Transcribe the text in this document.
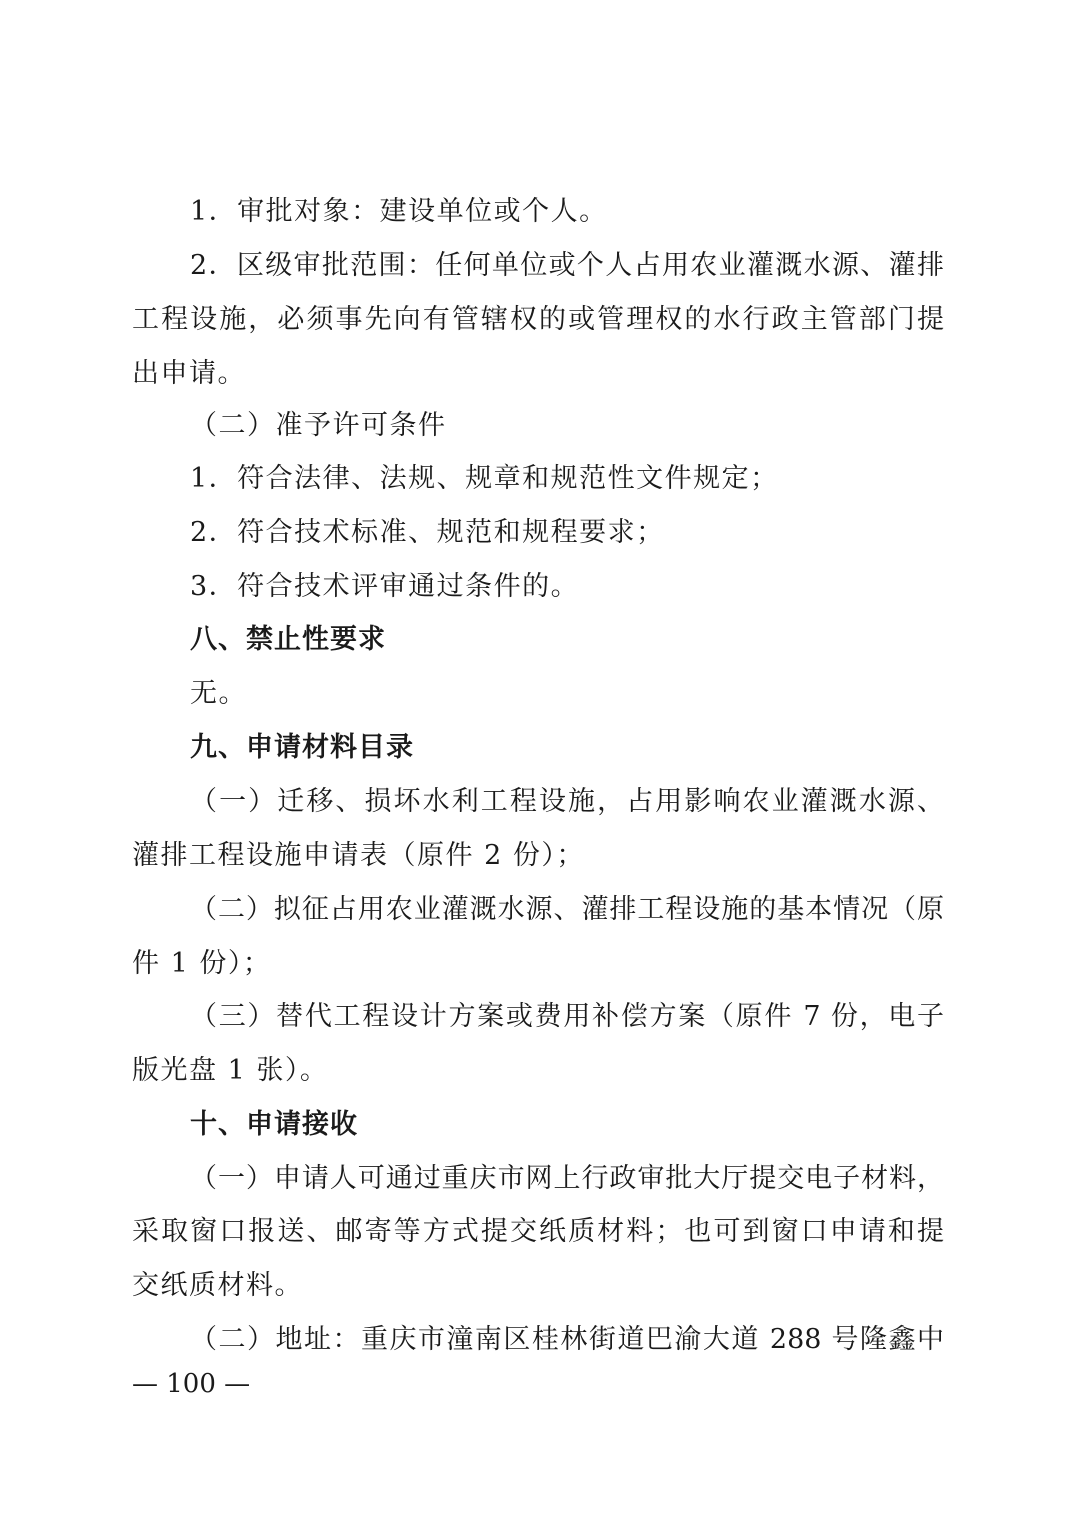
1．审批对象：建设单位或个人。
2．区级审批范围：任何单位或个人占用农业灌溉水源、灌排
工程设施，必须事先向有管辖权的或管理权的水行政主管部门提
出申请。
（二）准予许可条件
1．符合法律、法规、规章和规范性文件规定；
2．符合技术标准、规范和规程要求；
3．符合技术评审通过条件的。
八、禁止性要求
无。
九、申请材料目录
（一）迁移、损坏水利工程设施，占用影响农业灌溉水源、
灌排工程设施申请表（原件 2 份）；
（二）拟征占用农业灌溉水源、灌排工程设施的基本情况（原
件 1 份）；
（三）替代工程设计方案或费用补偿方案（原件 7 份，电子
版光盘 1 张）。
十、申请接收
（一）申请人可通过重庆市网上行政审批大厅提交电子材料，
采取窗口报送、邮寄等方式提交纸质材料；也可到窗口申请和提
交纸质材料。
（二）地址：重庆市潼南区桂林街道巴渝大道 288 号隆鑫中
— 100 —
